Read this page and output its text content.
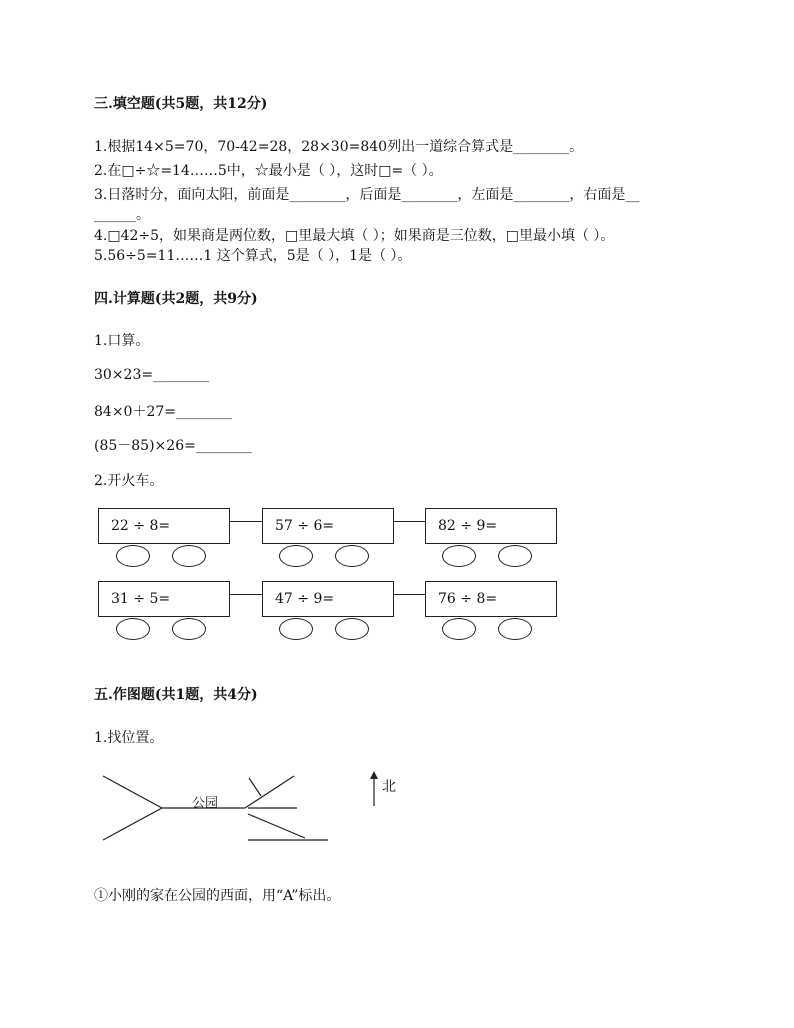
三.填空题(共5题，共12分)
1.根据14×5=70，70-42=28，28×30=840列出一道综合算式是________。
2.在□÷☆=14……5中，☆最小是（ ），这时□=（ ）。
3.日落时分，面向太阳，前面是________，后面是________，左面是________，右面是__
______。
4.□42÷5，如果商是两位数，□里最大填（ ）；如果商是三位数，□里最小填（ ）。
5.56÷5=11……1 这个算式，5是（ ），1是（ ）。
四.计算题(共2题，共9分)
1.口算。
30×23=________
84×0＋27=________
(85－85)×26=________
2.开火车。
22 ÷ 8=	57 ÷ 6=	82 ÷ 9=
31 ÷ 5=	47 ÷ 9=	76 ÷ 8=
五.作图题(共1题，共4分)
1.找位置。
公园
北
①小刚的家在公园的西面，用“A”标出。
